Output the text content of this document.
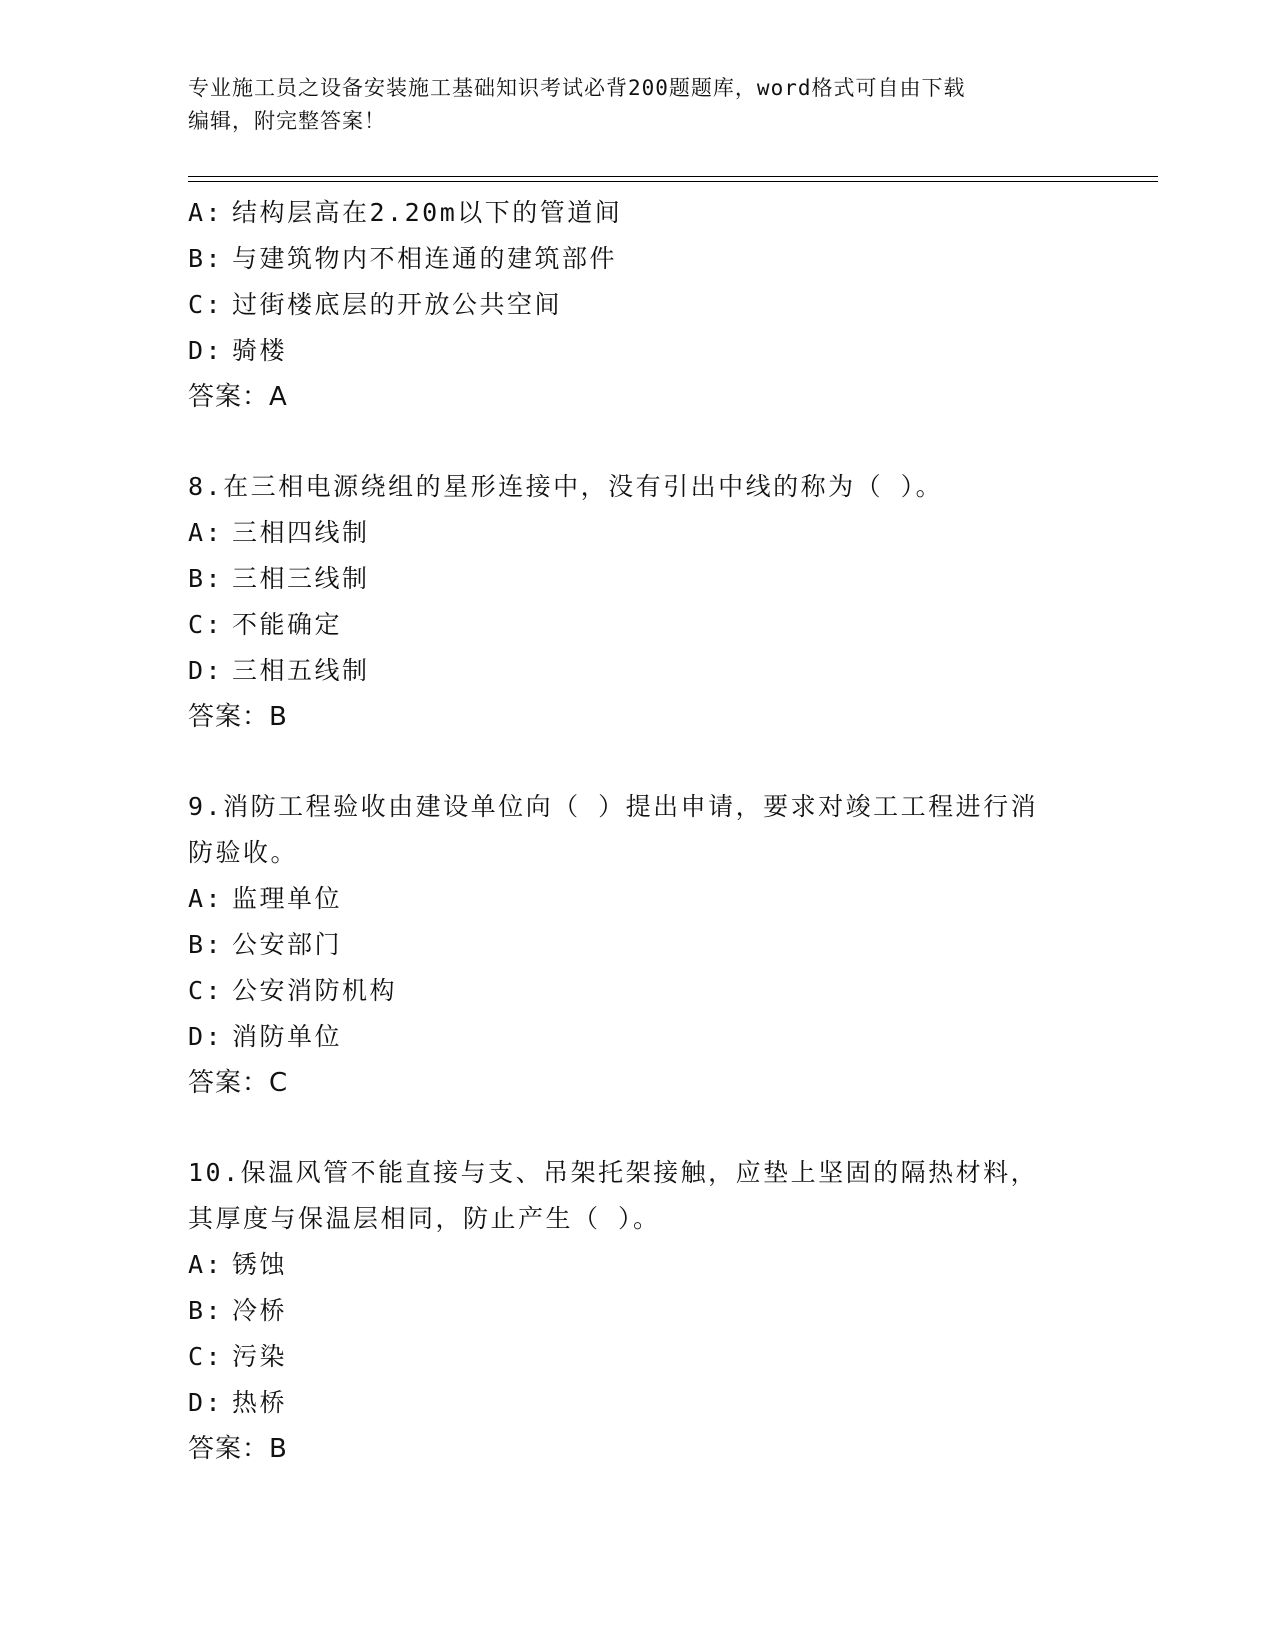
专业施工员之设备安装施工基础知识考试必背200题题库，word格式可自由下载
编辑，附完整答案！
A: 结构层高在2.20m以下的管道间
B: 与建筑物内不相连通的建筑部件
C: 过街楼底层的开放公共空间
D: 骑楼
答案：A
8.在三相电源绕组的星形连接中，没有引出中线的称为（ ）。
A: 三相四线制
B: 三相三线制
C: 不能确定
D: 三相五线制
答案：B
9.消防工程验收由建设单位向（ ）提出申请，要求对竣工工程进行消
防验收。
A: 监理单位
B: 公安部门
C: 公安消防机构
D: 消防单位
答案：C
10.保温风管不能直接与支、吊架托架接触，应垫上坚固的隔热材料，
其厚度与保温层相同，防止产生（ ）。
A: 锈蚀
B: 冷桥
C: 污染
D: 热桥
答案：B
